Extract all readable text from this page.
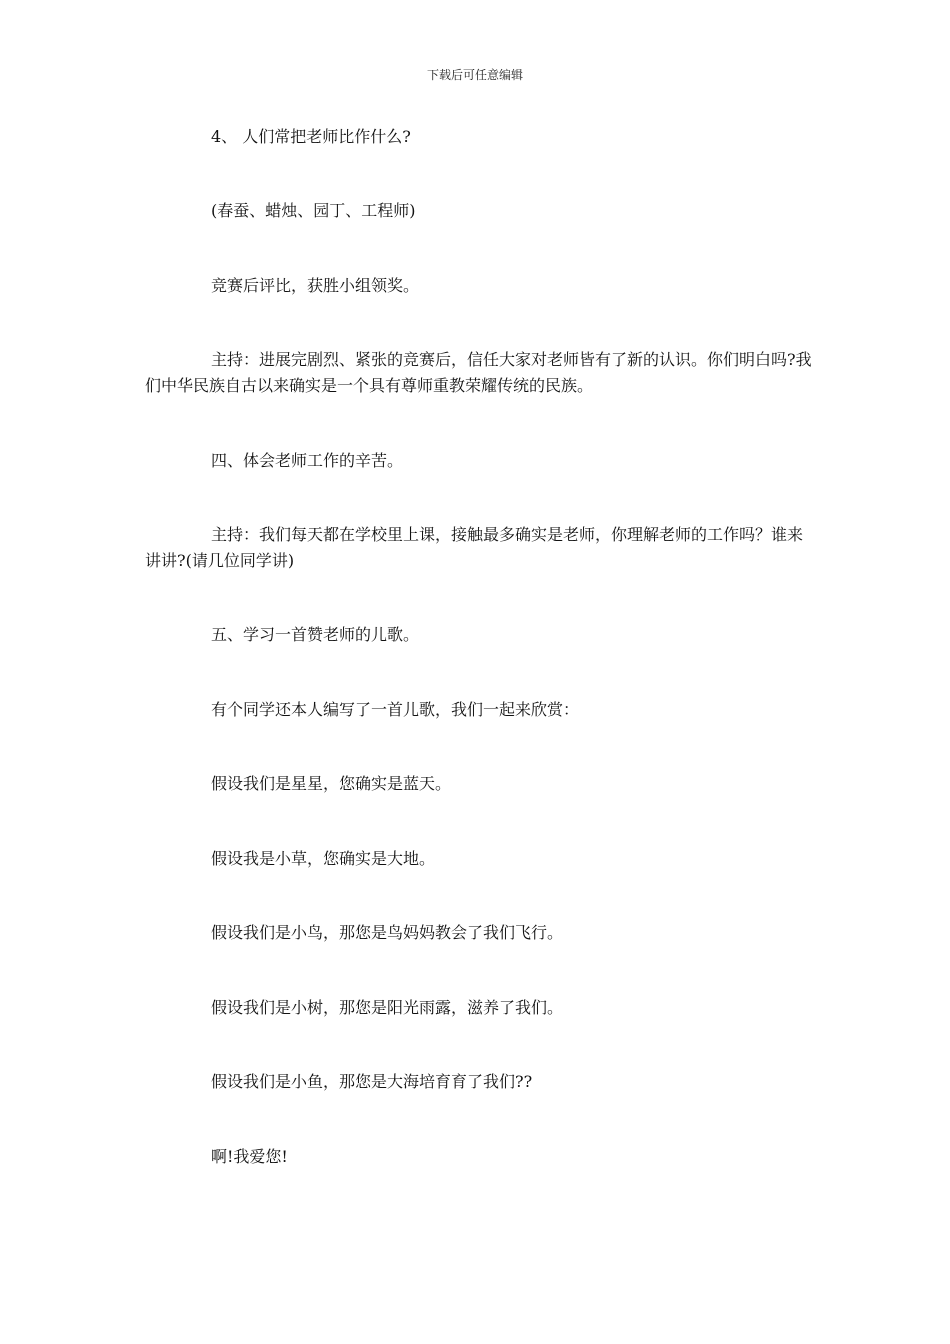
下载后可任意编辑
4、 人们常把老师比作什么?
(春蚕、蜡烛、园丁、工程师)
竞赛后评比，获胜小组领奖。
主持：进展完剧烈、紧张的竞赛后，信任大家对老师皆有了新的认识。你们明白吗?我们中华民族自古以来确实是一个具有尊师重教荣耀传统的民族。
四、体会老师工作的辛苦。
主持：我们每天都在学校里上课，接触最多确实是老师，你理解老师的工作吗？谁来讲讲?(请几位同学讲)
五、学习一首赞老师的儿歌。
有个同学还本人编写了一首儿歌，我们一起来欣赏：
假设我们是星星，您确实是蓝天。
假设我是小草，您确实是大地。
假设我们是小鸟，那您是鸟妈妈教会了我们飞行。
假设我们是小树，那您是阳光雨露，滋养了我们。
假设我们是小鱼，那您是大海培育育了我们??
啊!我爱您!
